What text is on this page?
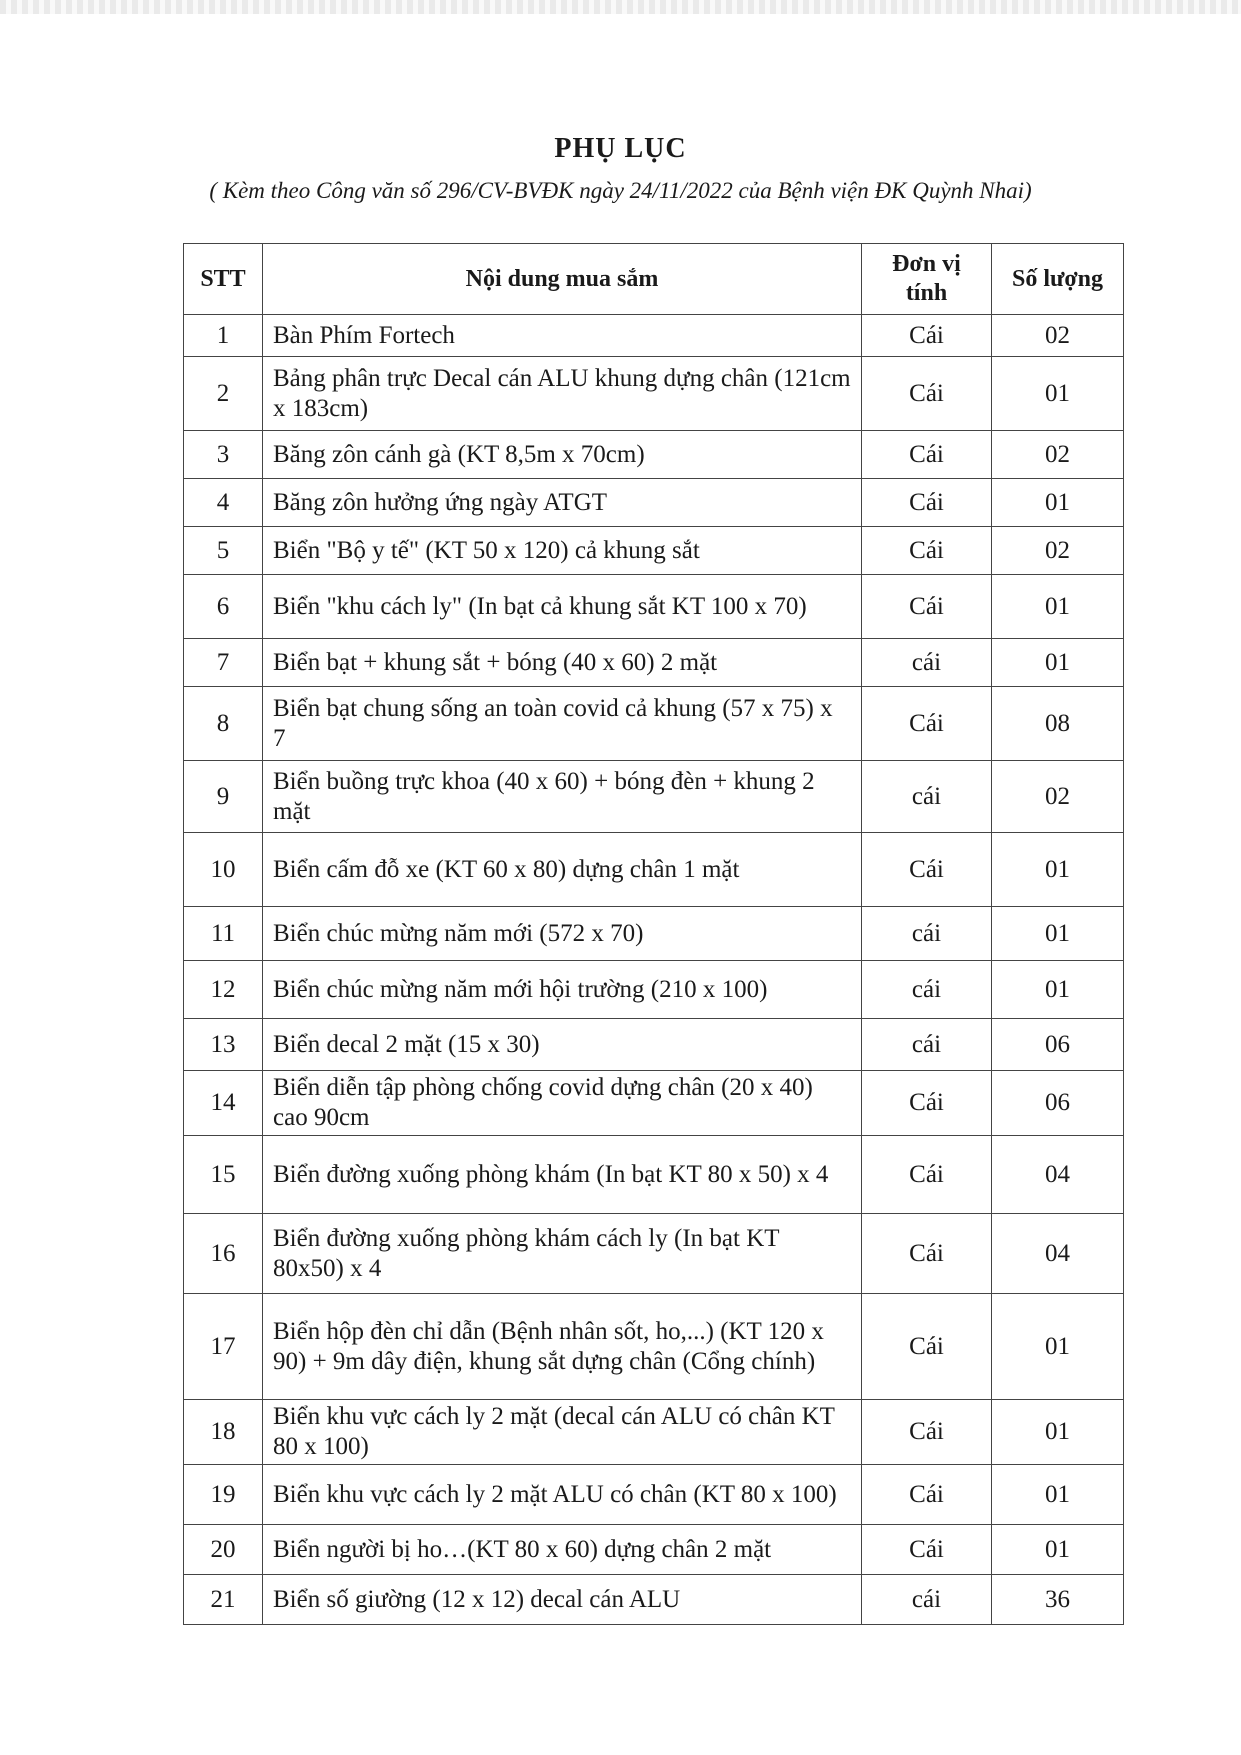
PHỤ LỤC
( Kèm theo Công văn số 296/CV-BVĐK ngày 24/11/2022 của Bệnh viện ĐK Quỳnh Nhai)
STT	Nội dung mua sắm	Đơn vị tính	Số lượng
1	Bàn Phím Fortech	Cái	02
2	Bảng phân trực Decal cán ALU khung dựng chân (121cm x 183cm)	Cái	01
3	Băng zôn cánh gà (KT 8,5m x 70cm)	Cái	02
4	Băng zôn hưởng ứng ngày ATGT	Cái	01
5	Biển "Bộ y tế" (KT 50 x 120) cả khung sắt	Cái	02
6	Biển "khu cách ly" (In bạt cả khung sắt KT 100 x 70)	Cái	01
7	Biển bạt + khung sắt + bóng (40 x 60) 2 mặt	cái	01
8	Biển bạt chung sống an toàn covid cả khung (57 x 75) x 7	Cái	08
9	Biển buồng trực khoa (40 x 60) + bóng đèn + khung 2 mặt	cái	02
10	Biển cấm đỗ xe (KT 60 x 80) dựng chân 1 mặt	Cái	01
11	Biển chúc mừng năm mới (572 x 70)	cái	01
12	Biển chúc mừng năm mới hội trường (210 x 100)	cái	01
13	Biển decal 2 mặt (15 x 30)	cái	06
14	Biển diễn tập phòng chống covid dựng chân (20 x 40) cao 90cm	Cái	06
15	Biển đường xuống phòng khám (In bạt KT 80 x 50) x 4	Cái	04
16	Biển đường xuống phòng khám cách ly (In bạt KT 80x50) x 4	Cái	04
17	Biển hộp đèn chỉ dẫn (Bệnh nhân sốt, ho,...) (KT 120 x 90) + 9m dây điện, khung sắt dựng chân (Cổng chính)	Cái	01
18	Biển khu vực cách ly 2 mặt (decal cán ALU có chân KT 80 x 100)	Cái	01
19	Biển khu vực cách ly 2 mặt ALU có chân (KT 80 x 100)	Cái	01
20	Biển người bị ho…(KT 80 x 60) dựng chân 2 mặt	Cái	01
21	Biển số giường (12 x 12) decal cán ALU	cái	36
